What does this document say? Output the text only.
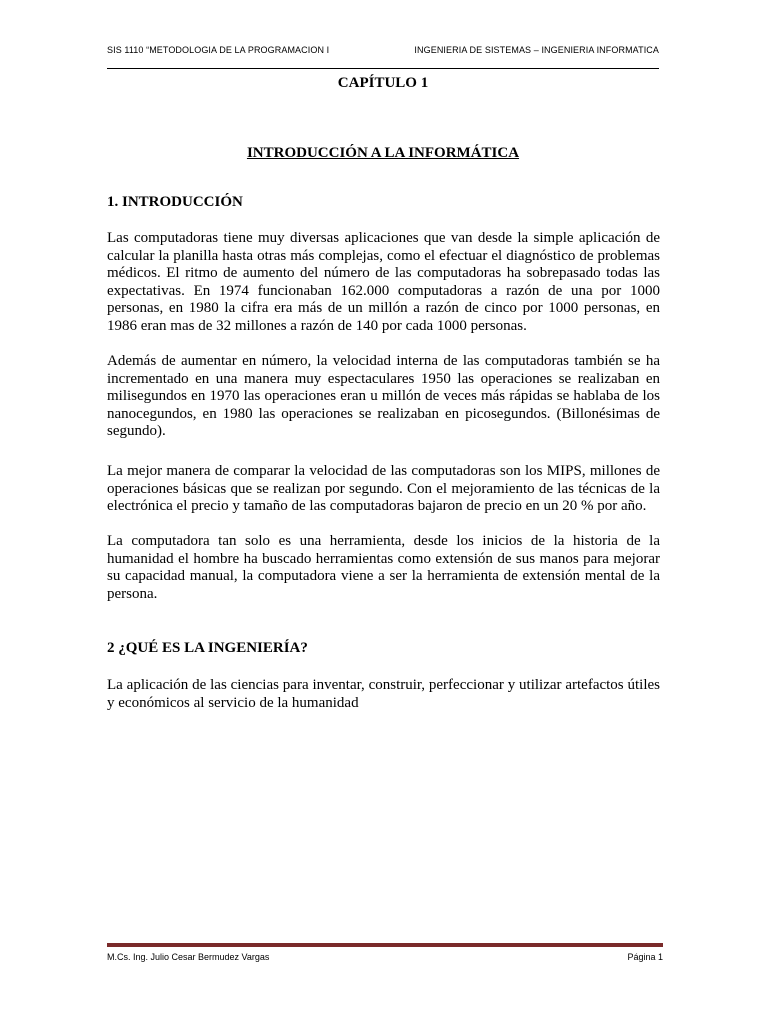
SIS 1110 “METODOLOGIA DE LA PROGRAMACION I	INGENIERIA DE SISTEMAS – INGENIERIA INFORMATICA
CAPÍTULO 1
INTRODUCCIÓN A LA INFORMÁTICA
1. INTRODUCCIÓN

Las computadoras tiene muy diversas aplicaciones que van desde la simple aplicación de calcular la planilla hasta otras más complejas, como el efectuar el diagnóstico de problemas médicos. El ritmo de aumento del número de las computadoras ha sobrepasado todas las expectativas. En 1974 funcionaban 162.000 computadoras a razón de una por 1000 personas, en 1980 la cifra era más de un millón a razón de cinco por 1000 personas, en 1986 eran mas de 32 millones a razón de 140 por cada 1000 personas.

Además de aumentar en número, la velocidad interna de las computadoras también se ha incrementado en una manera muy espectaculares 1950 las operaciones se realizaban en milisegundos en 1970 las operaciones eran u millón de veces más rápidas se hablaba de los nanocegundos, en 1980 las operaciones se realizaban en picosegundos. (Billonésimas de segundo).

La mejor manera de comparar la velocidad de las computadoras son los MIPS, millones de operaciones básicas que se realizan por segundo. Con el mejoramiento de las técnicas de la electrónica el precio y tamaño de las computadoras bajaron de precio en un 20 % por año.

La computadora tan solo es una herramienta, desde los inicios de la historia de la humanidad el hombre ha buscado herramientas como extensión de sus manos para mejorar su capacidad manual, la computadora viene a ser la herramienta de extensión mental de la persona.

2 ¿QUÉ ES LA INGENIERÍA?

La aplicación de las ciencias para inventar, construir, perfeccionar y utilizar artefactos útiles y económicos al servicio de la humanidad

M.Cs. Ing. Julio Cesar Bermudez Vargas	Página 1
